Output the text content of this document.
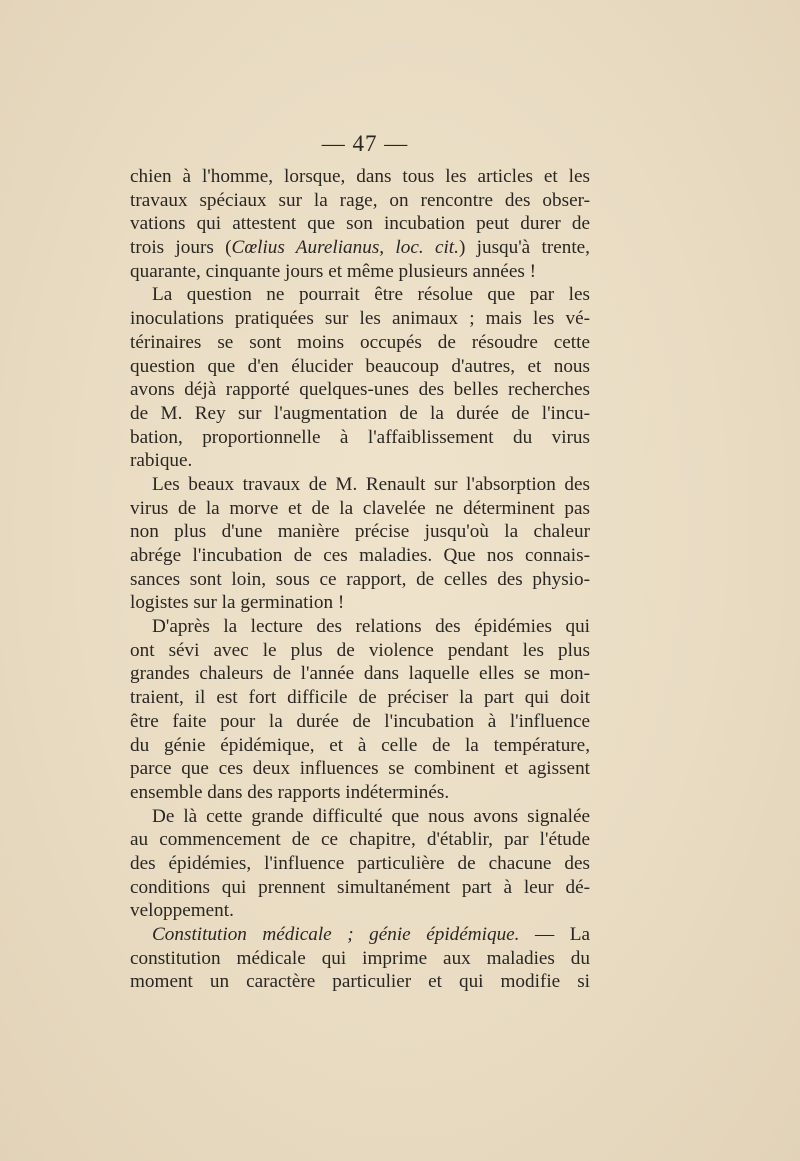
— 47 —
chien à l'homme, lorsque, dans tous les articles et les
travaux spéciaux sur la rage, on rencontre des obser-
vations qui attestent que son incubation peut durer de
trois jours (Cœlius Aurelianus, loc. cit.) jusqu'à trente,
quarante, cinquante jours et même plusieurs années !
La question ne pourrait être résolue que par les
inoculations pratiquées sur les animaux ; mais les vé-
térinaires se sont moins occupés de résoudre cette
question que d'en élucider beaucoup d'autres, et nous
avons déjà rapporté quelques-unes des belles recherches
de M. Rey sur l'augmentation de la durée de l'incu-
bation, proportionnelle à l'affaiblissement du virus
rabique.
Les beaux travaux de M. Renault sur l'absorption des
virus de la morve et de la clavelée ne déterminent pas
non plus d'une manière précise jusqu'où la chaleur
abrége l'incubation de ces maladies. Que nos connais-
sances sont loin, sous ce rapport, de celles des physio-
logistes sur la germination !
D'après la lecture des relations des épidémies qui
ont sévi avec le plus de violence pendant les plus
grandes chaleurs de l'année dans laquelle elles se mon-
traient, il est fort difficile de préciser la part qui doit
être faite pour la durée de l'incubation à l'influence
du génie épidémique, et à celle de la température,
parce que ces deux influences se combinent et agissent
ensemble dans des rapports indéterminés.
De là cette grande difficulté que nous avons signalée
au commencement de ce chapitre, d'établir, par l'étude
des épidémies, l'influence particulière de chacune des
conditions qui prennent simultanément part à leur dé-
veloppement.
Constitution médicale ; génie épidémique. — La
constitution médicale qui imprime aux maladies du
moment un caractère particulier et qui modifie si
